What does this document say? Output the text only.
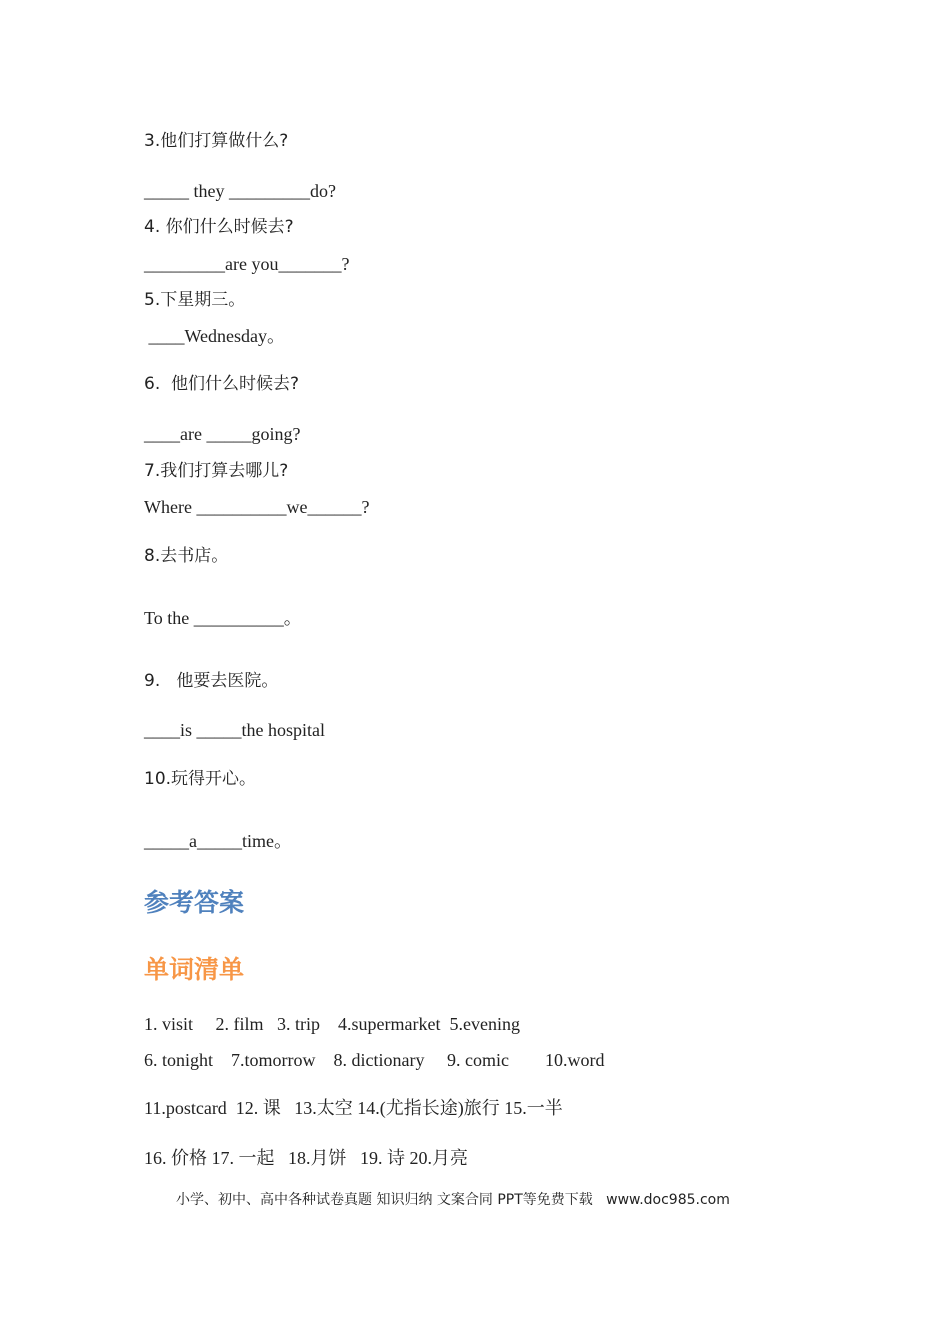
3.他们打算做什么?
_____ they _________do?
4. 你们什么时候去?
_________are you_______?
5.下星期三。
____Wednesday。
6.  他们什么时候去?
____are _____going?
7.我们打算去哪儿?
Where __________we______?
8.去书店。
To the __________。
9.   他要去医院。
____is _____the hospital
10.玩得开心。
_____a_____time。
参考答案
单词清单
1. visit     2. film   3. trip    4.supermarket  5.evening
6. tonight    7.tomorrow    8. dictionary     9. comic        10.word
11.postcard  12. 课   13.太空 14.(尤指长途)旅行 15.一半
16. 价格 17. 一起   18.月饼   19. 诗 20.月亮
小学、初中、高中各种试卷真题 知识归纳 文案合同 PPT等免费下载   www.doc985.com
